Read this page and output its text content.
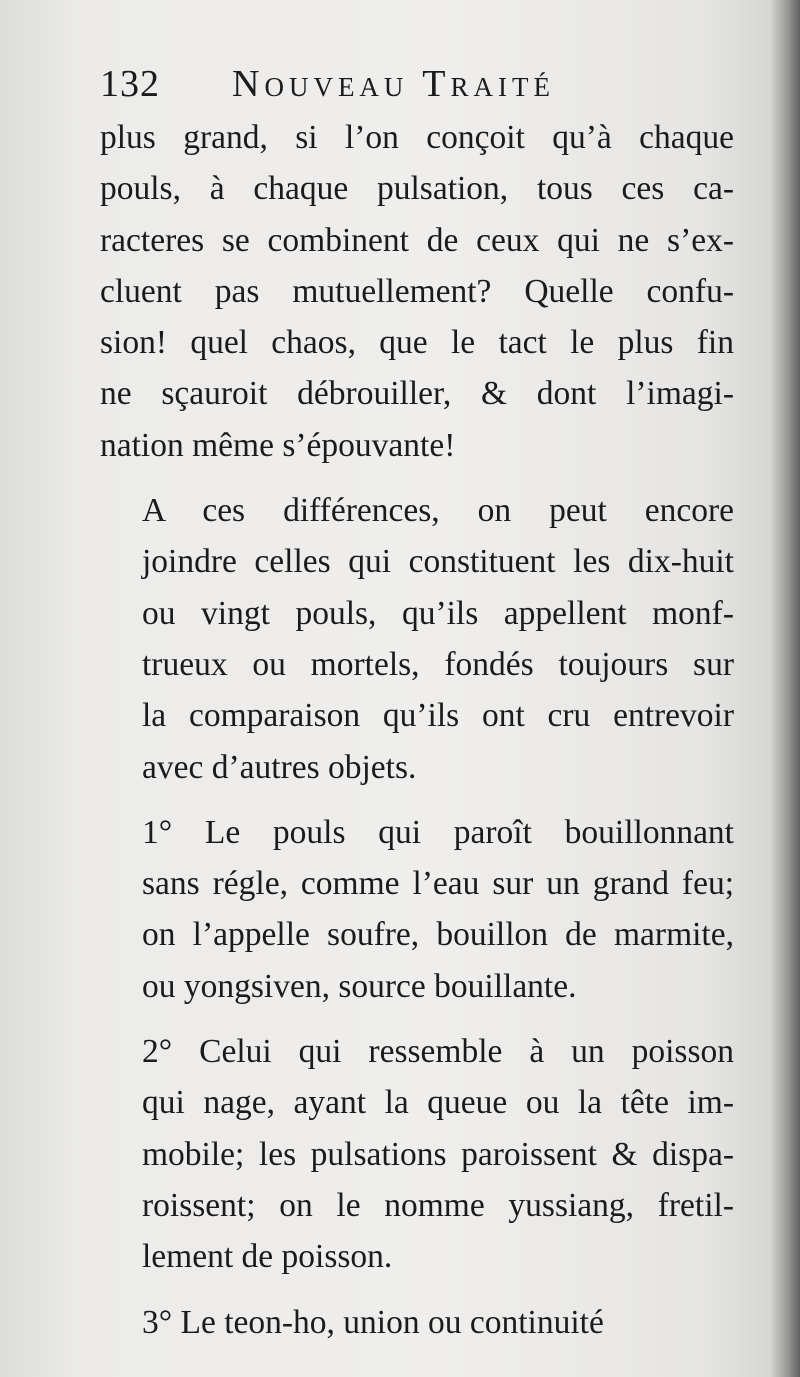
132 Nouveau Traité

plus grand, si l’on conçoit qu’à chaque
pouls, à chaque pulsation, tous ces ca-
racteres se combinent de ceux qui ne s’ex-
cluent pas mutuellement? Quelle confu-
sion! quel chaos, que le tact le plus fin
ne sçauroit débrouiller, & dont l’imagi-
nation même s’épouvante!

A ces différences, on peut encore
joindre celles qui constituent les dix-huit
ou vingt pouls, qu’ils appellent monf-
trueux ou mortels, fondés toujours sur
la comparaison qu’ils ont cru entrevoir
avec d’autres objets.

1° Le pouls qui paroît bouillonnant
sans régle, comme l’eau sur un grand feu;
on l’appelle soufre, bouillon de marmite,
ou yongsiven, source bouillante.

2° Celui qui ressemble à un poisson
qui nage, ayant la queue ou la tête im-
mobile; les pulsations paroissent & dispa-
roissent; on le nomme yussiang, fretil-
lement de poisson.

3° Le teon-ho, union ou continuité
